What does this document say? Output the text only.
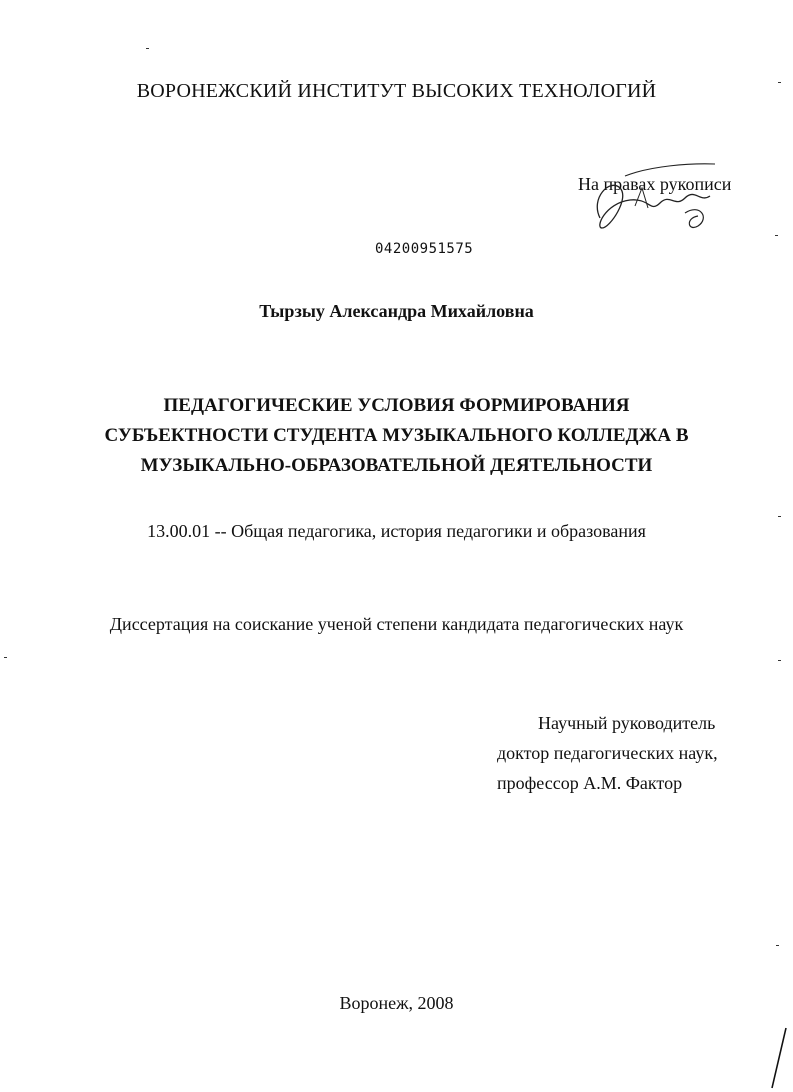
ВОРОНЕЖСКИЙ ИНСТИТУТ ВЫСОКИХ ТЕХНОЛОГИЙ
На правах рукописи
04200951575
Тырзыу Александра Михайловна
ПЕДАГОГИЧЕСКИЕ УСЛОВИЯ ФОРМИРОВАНИЯ
СУБЪЕКТНОСТИ СТУДЕНТА МУЗЫКАЛЬНОГО КОЛЛЕДЖА В
МУЗЫКАЛЬНО-ОБРАЗОВАТЕЛЬНОЙ ДЕЯТЕЛЬНОСТИ
13.00.01 -- Общая педагогика, история педагогики и образования
Диссертация на соискание ученой степени кандидата педагогических наук
Научный руководитель
доктор педагогических наук,
профессор А.М. Фактор
Воронеж, 2008
